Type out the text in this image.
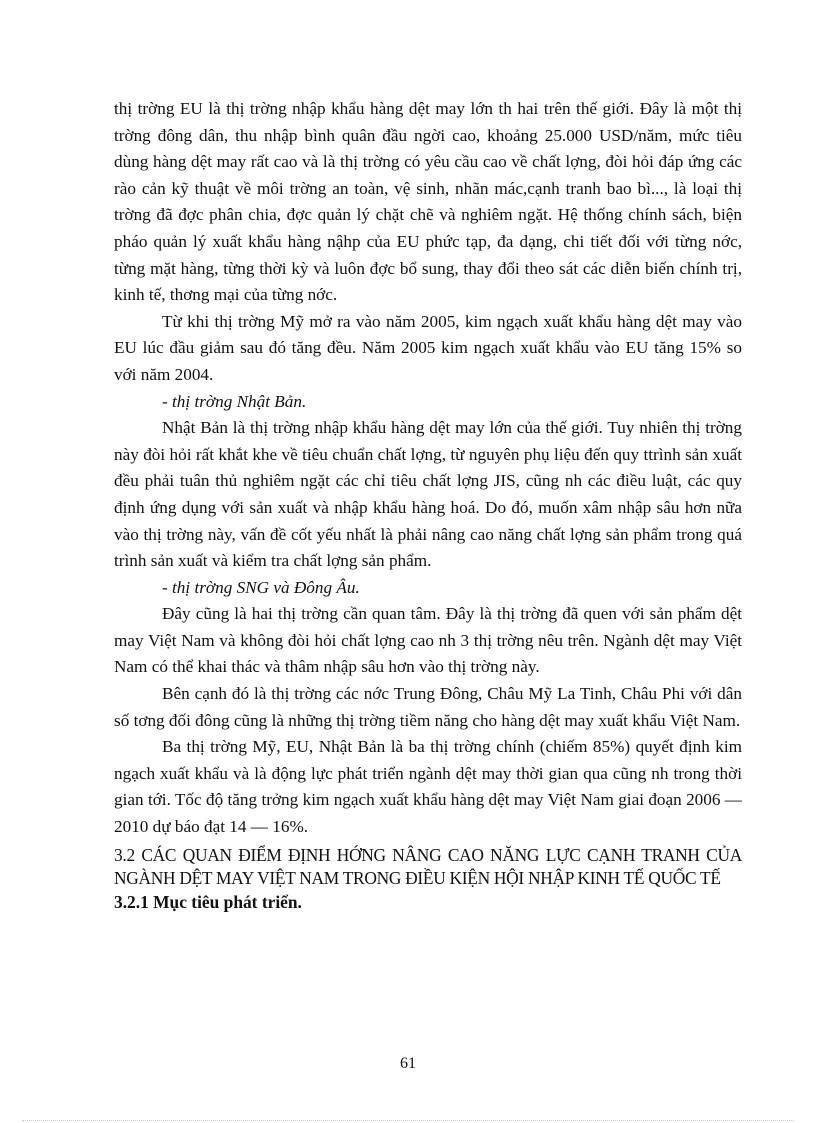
thị trờng EU là thị trờng nhập khẩu hàng dệt may lớn th hai trên thế giới. Đây là một thị trờng đông dân, thu nhập bình quân đầu ngời cao, khoảng 25.000 USD/năm, mức tiêu dùng hàng dệt may rất cao và là thị trờng có yêu cầu cao về chất lợng, đòi hỏi đáp ứng các rào cản kỹ thuật về môi trờng an toàn, vệ sinh, nhãn mác,cạnh tranh bao bì..., là loại thị trờng đã đợc phân chia, đợc quản lý chặt chẽ và nghiêm ngặt. Hệ thống chính sách, biện pháo quản lý xuất khẩu hàng nậhp của EU phức tạp, đa dạng, chi tiết đối với từng nớc, từng mặt hàng, từng thời kỳ và luôn đợc bổ sung, thay đổi theo sát các diễn biến chính trị, kinh tế, thơng mại của từng nớc.

Từ khi thị trờng Mỹ mở ra vào năm 2005, kim ngạch xuất khẩu hàng dệt may vào EU lúc đầu giảm sau đó tăng đều. Năm 2005 kim ngạch xuất khẩu vào EU tăng 15% so với năm 2004.

- thị trờng Nhật Bản.

Nhật Bản là thị trờng nhập khẩu hàng dệt may lớn của thế giới. Tuy nhiên thị trờng này đòi hỏi rất khắt khe về tiêu chuẩn chất lợng, từ nguyên phụ liệu đến quy ttrình sản xuất đều phải tuân thủ nghiêm ngặt các chỉ tiêu chất lợng JIS, cũng nh các điều luật, các quy định ứng dụng với sản xuất và nhập khẩu hàng hoá. Do đó, muốn xâm nhập sâu hơn nữa vào thị trờng này, vấn đề cốt yếu nhất là phải nâng cao năng chất lợng sản phẩm trong quá trình sản xuất và kiểm tra chất lợng sản phẩm.

- thị trờng SNG và Đông Âu.

Đây cũng là hai thị trờng cần quan tâm. Đây là thị trờng đã quen với sản phẩm dệt may Việt Nam và không đòi hỏi chất lợng cao nh 3 thị trờng nêu trên. Ngành dệt may Việt Nam có thể khai thác và thâm nhập sâu hơn vào thị trờng này.

Bên cạnh đó là thị trờng các nớc Trung Đông, Châu Mỹ La Tinh, Châu Phi với dân số tơng đối đông cũng là những thị trờng tiềm năng cho hàng dệt may xuất khẩu Việt Nam.

Ba thị trờng Mỹ, EU, Nhật Bản là ba thị trờng chính (chiếm 85%) quyết định kim ngạch xuất khẩu và là động lực phát triển ngành dệt may thời gian qua cũng nh trong thời gian tới. Tốc độ tăng trởng kim ngạch xuất khẩu hàng dệt may Việt Nam giai đoạn 2006 — 2010 dự báo đạt 14 — 16%.

3.2 CÁC QUAN ĐIỂM ĐỊNH HỚNG NÂNG CAO NĂNG LỰC CẠNH TRANH CỦA NGÀNH DỆT MAY VIỆT NAM TRONG ĐIỀU KIỆN HỘI NHẬP KINH TẾ QUỐC TẾ

3.2.1 Mục tiêu phát triển.

61
